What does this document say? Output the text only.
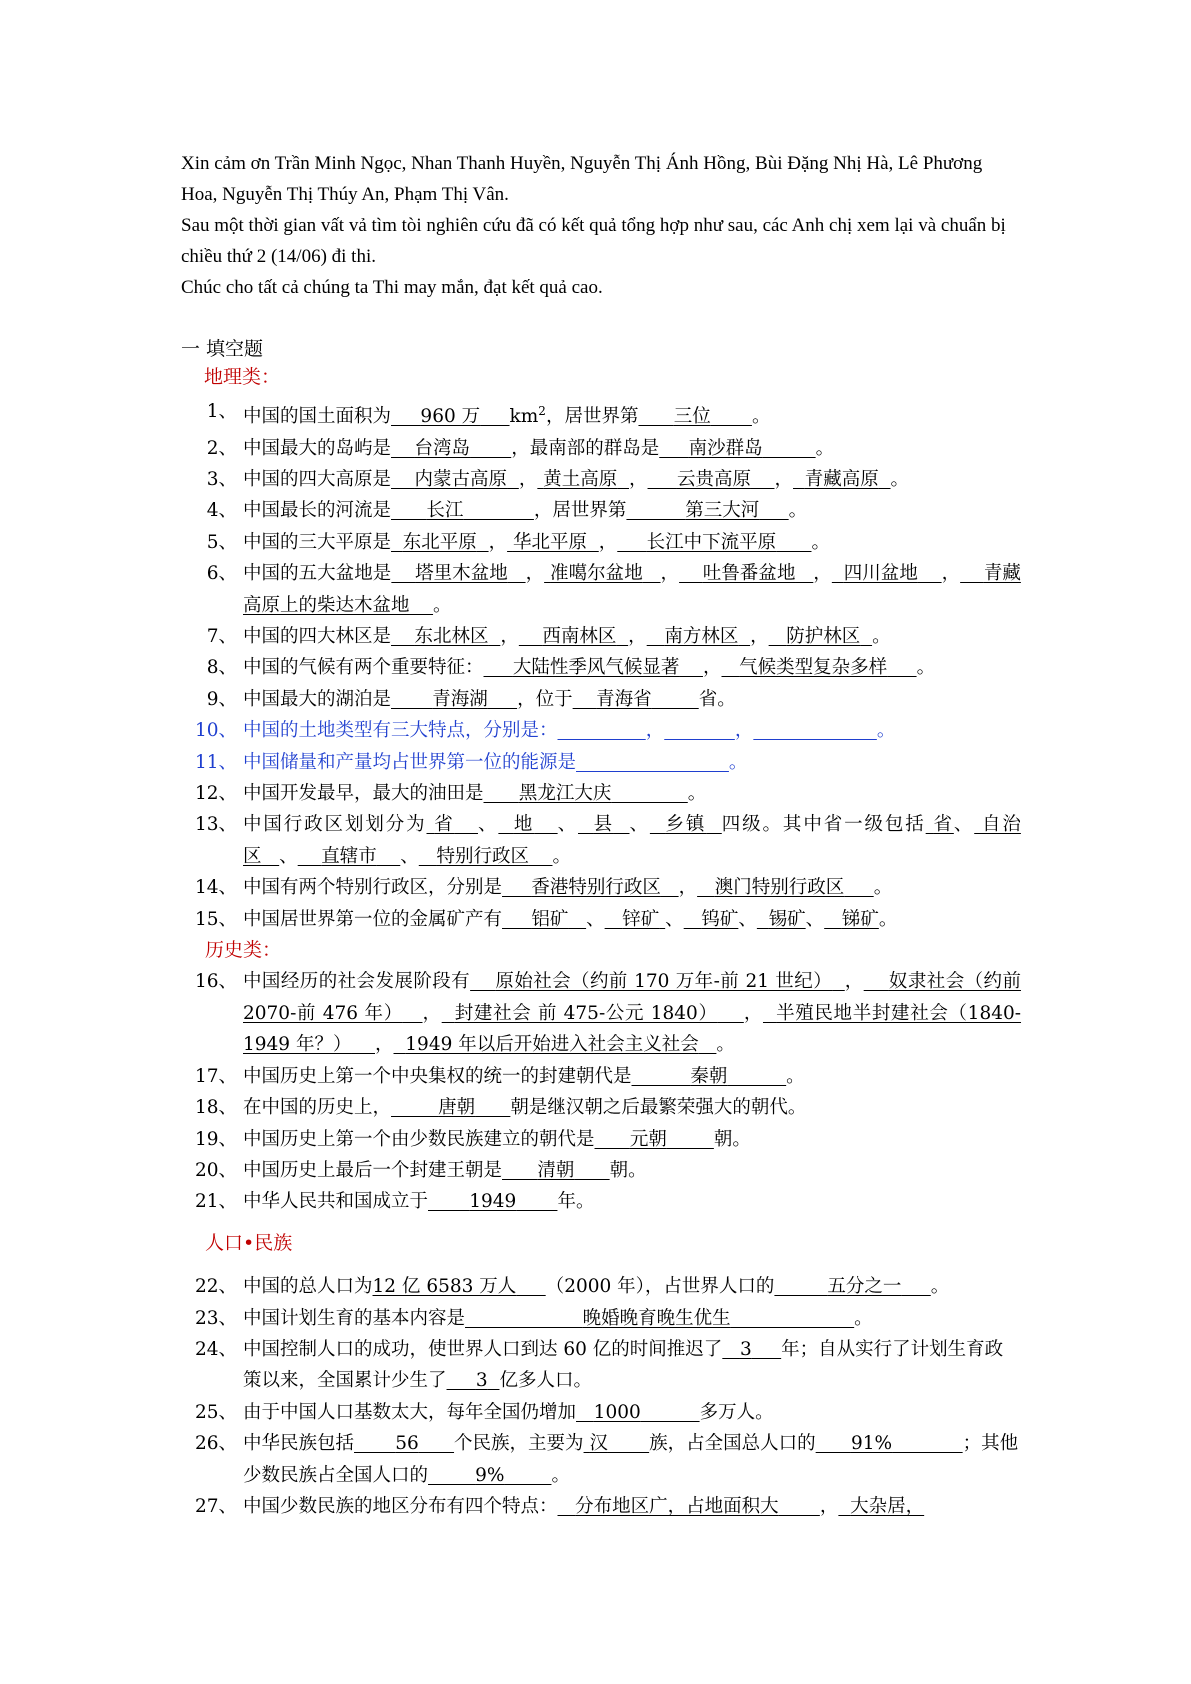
Xin cảm ơn Trần Minh Ngọc, Nhan Thanh Huyền, Nguyễn Thị Ánh Hồng, Bùi Đặng Nhị Hà, Lê Phương Hoa, Nguyễn Thị Thúy An, Phạm Thị Vân.

Sau một thời gian vất vả tìm tòi nghiên cứu đã có kết quả tổng hợp như sau, các Anh chị xem lại và chuẩn bị chiều thứ 2 (14/06) đi thi.

Chúc cho tất cả chúng ta Thi may mắn, đạt kết quả cao.

一 填空题
地理类：
1、 中国的国土面积为 960 万 $km^2$，居世界第 三位 。
2、 中国最大的岛屿是 台湾岛 ，最南部的群岛是 南沙群岛	。
3、 中国的四大高原是 内蒙古高原 ， 黄土高原 ， 云贵高原 ， 青藏高原 。
4、 中国最长的河流是 长江	，居世界第	第三大河 。
5、 中国的三大平原是 东北平原 ， 华北平原 ， 长江中下流平原 。
6、 中国的五大盆地是 塔里木盆地 ， 准噶尔盆地 ， 吐鲁番盆地 ， 四川盆地 ， 青藏高原上的柴达木盆地 。
7、 中国的四大林区是 东北林区 ， 西南林区 ， 南方林区 ， 防护林区 。
8、 中国的气候有两个重要特征： 大陆性季风气候显著 ， 气候类型复杂多样 。
9、 中国最大的湖泊是 青海湖 ，位于 青海省	省。
10、 中国的土地类型有三大特点，分别是：	，	，	。
11、 中国储量和产量均占世界第一位的能源是	。
12、 中国开发最早，最大的油田是 黑龙江大庆	。
13、 中国行政区划划分为 省 、 地 、 县 、 乡镇 四级。其中省一级包括 省、 自治区 、 直辖市 、 特别行政区 。
14、 中国有两个特别行政区，分别是 香港特别行政区 ， 澳门特别行政区 。
15、 中国居世界第一位的金属矿产有 铝矿 、 锌矿 、 钨矿、 锡矿、 锑矿。
历史类：
16、 中国经历的社会发展阶段有 原始社会（约前 170 万年-前 21 世纪） ， 奴隶社会（约前 2070-前 476 年） ， 封建社会 前 475-公元 1840） ， 半殖民地半封建社会（1840-1949 年？） ， 1949 年以后开始进入社会主义社会 。
17、 中国历史上第一个中央集权的统一的封建朝代是	秦朝	。
18、 在中国的历史上，	唐朝 朝是继汉朝之后最繁荣强大的朝代。
19、 中国历史上第一个由少数民族建立的朝代是 元朝	朝。
20、 中国历史上最后一个封建王朝是 清朝 朝。
21、 中华人民共和国成立于 1949 年。
人口•民族
22、 中国的总人口为12 亿 6583 万人 （2000 年），占世界人口的	五分之一 。
23、 中国计划生育的基本内容是	晚婚晚育晚生优生	。
24、 中国控制人口的成功，使世界人口到达 60 亿的时间推迟了 3 年；自从实行了计划生育政策以来，全国累计少生了 3 亿多人口。
25、 由于中国人口基数太大，每年全国仍增加 1000	多万人。
26、 中华民族包括 56 个民族，主要为 汉 族，占全国总人口的 91%	；其他少数民族占全国人口的	9%	。
27、 中国少数民族的地区分布有四个特点： 分布地区广，占地面积大 ， 大杂居，
